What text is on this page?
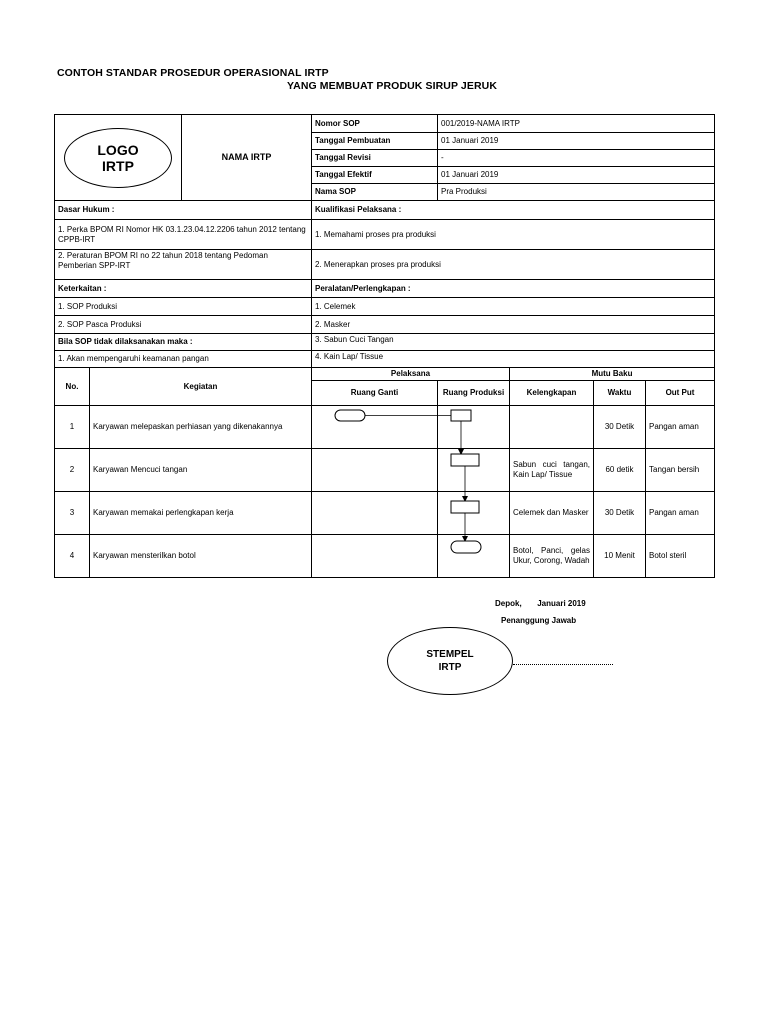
CONTOH STANDAR PROSEDUR OPERASIONAL IRTP
YANG MEMBUAT PRODUK SIRUP JERUK
LOGO
IRTP		NAMA IRTP	Nomor SOP	001/2019-NAMA IRTP			
			Tanggal Pembuatan	01 Januari 2019			
			Tanggal Revisi	-			
			Tanggal Efektif	01 Januari 2019			
			Nama SOP	Pra Produksi			
Dasar Hukum :			Kualifikasi Pelaksana :				
1. Perka BPOM RI Nomor HK 03.1.23.04.12.2206 tahun 2012 tentang CPPB-IRT			1. Memahami proses pra produksi				
2. Peraturan BPOM RI no 22 tahun 2018 tentang Pedoman Pemberian SPP-IRT			2. Menerapkan proses pra produksi				
Keterkaitan :			Peralatan/Perlengkapan :				
1. SOP Produksi			1. Celemek				
2. SOP Pasca Produksi			2. Masker				
Bila SOP tidak dilaksanakan maka :			3. Sabun Cuci Tangan				
1. Akan mempengaruhi keamanan pangan			4. Kain Lap/ Tissue				
No.	Kegiatan		Pelaksana		Mutu Baku		
			Ruang Ganti	Ruang Produksi	Kelengkapan	Waktu	Out Put
1	Karyawan melepaskan perhiasan yang dikenakannya					30 Detik	Pangan aman
2	Karyawan Mencuci tangan				Sabun cuci tangan, Kain Lap/ Tissue	60 detik	Tangan bersih
3	Karyawan memakai perlengkapan kerja				Celemek dan Masker	30 Detik	Pangan aman
4	Karyawan mensterilkan botol				Botol, Panci, gelas Ukur, Corong, Wadah	10 Menit	Botol steril
Depok,       Januari 2019
Penanggung Jawab
STEMPEL
IRTP
